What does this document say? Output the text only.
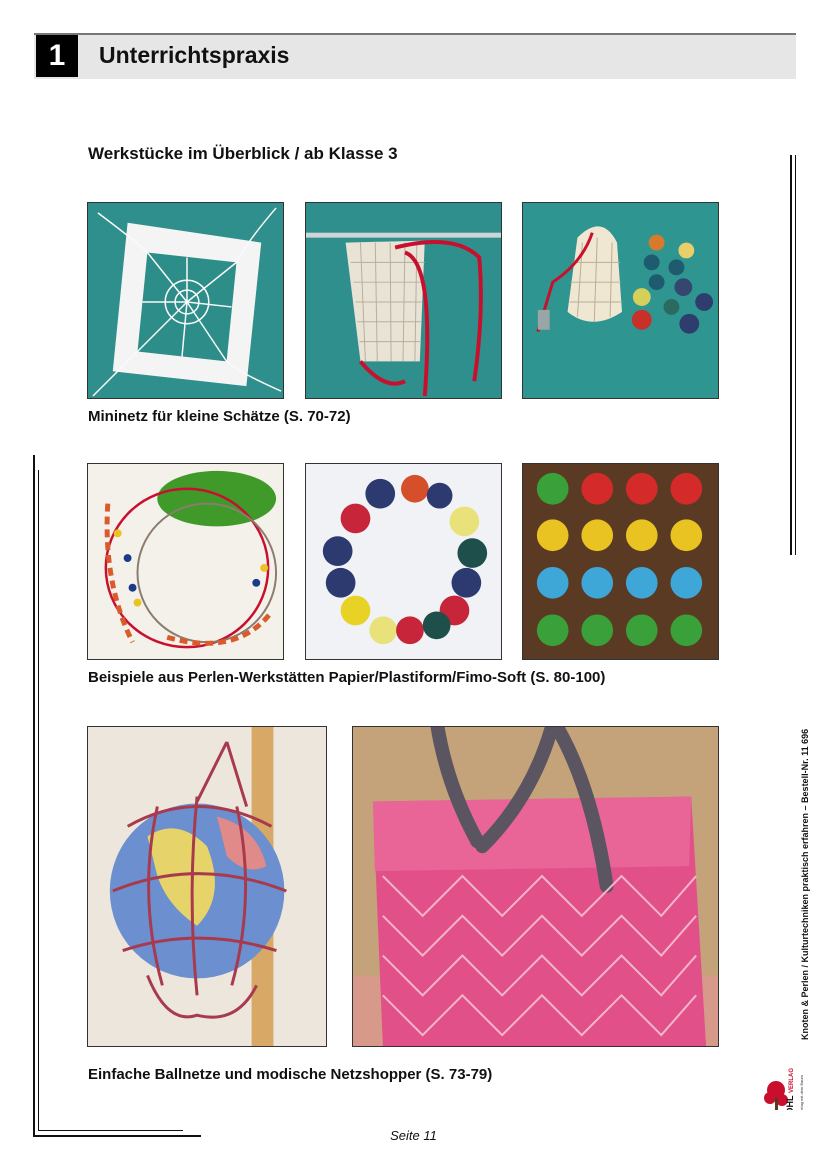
1	Unterrichtspraxis
Werkstücke im Überblick / ab Klasse 3
Mininetz für kleine Schätze (S. 70-72)
Beispiele aus Perlen-Werkstätten Papier/Plastiform/Fimo-Soft (S. 80-100)
Einfache Ballnetze und modische Netzshopper (S. 73-79)
Knoten & Perlen / Kulturtechniken praktisch erfahren – Bestell-Nr. 11 696
KOHL
VERLAG Der Verlag mit dem Baum
Seite 11
